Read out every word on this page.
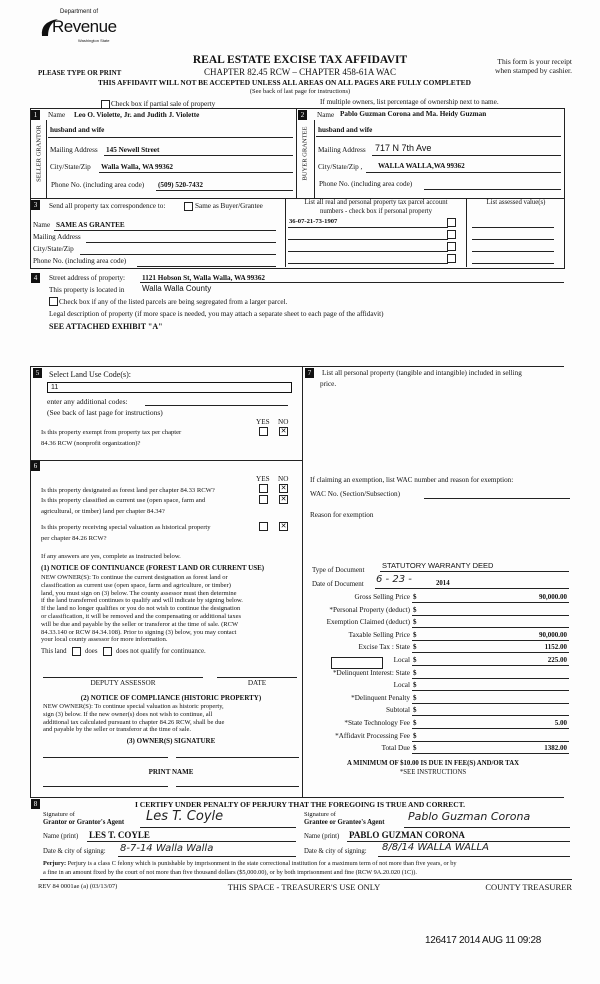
Department of
Revenue
Washington State
PLEASE TYPE OR PRINT
REAL ESTATE EXCISE TAX AFFIDAVIT
CHAPTER 82.45 RCW – CHAPTER 458-61A WAC
This form is your receipt
when stamped by cashier.
THIS AFFIDAVIT WILL NOT BE ACCEPTED UNLESS ALL AREAS ON ALL PAGES ARE FULLY COMPLETED
(See back of last page for instructions)
Check box if partial sale of property	If multiple owners, list percentage of ownership next to name.
1
SELLER GRANTOR
Name Leo O. Violette, Jr. and Judith J. Violette
husband and wife
Mailing Address 145 Newell Street
City/State/Zip Walla Walla, WA 99362
Phone No. (including area code) (509) 520-7432
2
BUYER GRANTEE
Name Pablo Guzman Corona and Ma. Heidy Guzman
husband and wife
Mailing Address 717 N 7th Ave
City/State/Zip , WALLA WALLA,WA 99362
Phone No. (including area code)
3	Send all property tax correspondence to:	Same as Buyer/Grantee
Name SAME AS GRANTEE
Mailing Address
City/State/Zip
Phone No. (including area code)
List all real and personal property tax parcel account
numbers - check box if personal property
List assessed value(s)
36-07-21-73-1907
4	Street address of property: 1121 Hobson St, Walla Walla, WA 99362
This property is located in Walla Walla County
Check box if any of the listed parcels are being segregated from a larger parcel.
Legal description of property (if more space is needed, you may attach a separate sheet to each page of the affidavit)
SEE ATTACHED EXHIBIT "A"
5	Select Land Use Code(s):
11
enter any additional codes:
(See back of last page for instructions)
YES NO
Is this property exempt from property tax per chapter
84.36 RCW (nonprofit organization)?
✕
6
YES NO
Is this property designated as forest land per chapter 84.33 RCW?	✕
Is this property classified as current use (open space, farm and
agricultural, or timber) land per chapter 84.34?
✕
Is this property receiving special valuation as historical property
per chapter 84.26 RCW?
✕
If any answers are yes, complete as instructed below.
(1) NOTICE OF CONTINUANCE (FOREST LAND OR CURRENT USE)
NEW OWNER(S): To continue the current designation as forest land or
classification as current use (open space, farm and agriculture, or timber)
land, you must sign on (3) below. The county assessor must then determine
if the land transferred continues to qualify and will indicate by signing below.
If the land no longer qualifies or you do not wish to continue the designation
or classification, it will be removed and the compensating or additional taxes
will be due and payable by the seller or transferor at the time of sale. (RCW
84.33.140 or RCW 84.34.108). Prior to signing (3) below, you may contact
your local county assessor for more information.
This land	does	does not qualify for continuance.
DEPUTY ASSESSOR	DATE
(2) NOTICE OF COMPLIANCE (HISTORIC PROPERTY)
NEW OWNER(S): To continue special valuation as historic property,
sign (3) below. If the new owner(s) does not wish to continue, all
additional tax calculated pursuant to chapter 84.26 RCW, shall be due
and payable by the seller or transferor at the time of sale.
(3) OWNER(S) SIGNATURE
PRINT NAME
7	List all personal property (tangible and intangible) included in selling
price.
If claiming an exemption, list WAC number and reason for exemption:
WAC No. (Section/Subsection)
Reason for exemption
Type of Document STATUTORY WARRANTY DEED
Date of Document 6 - 23 -	2014
Gross Selling Price $	90,000.00
*Personal Property (deduct) $
Exemption Claimed (deduct) $
Taxable Selling Price $	90,000.00
Excise Tax : State $	1152.00
Local $	225.00
*Delinquent Interest: State $
Local $
*Delinquent Penalty $
Subtotal $
*State Technology Fee $	5.00
*Affidavit Processing Fee $
Total Due $	1382.00
A MINIMUM OF $10.00 IS DUE IN FEE(S) AND/OR TAX
*SEE INSTRUCTIONS
8	I CERTIFY UNDER PENALTY OF PERJURY THAT THE FOREGOING IS TRUE AND CORRECT.
Signature of
Grantor or Grantor's Agent Les T. Coyle	Signature of
Grantee or Grantee's Agent Pablo Guzman Corona
Name (print) LES T. COYLE	Name (print) PABLO GUZMAN CORONA
Date & city of signing: 8-7-14 Walla Walla	Date & city of signing: 8/8/14 WALLA WALLA
Perjury: Perjury is a class C felony which is punishable by imprisonment in the state correctional institution for a maximum term of not more than five years, or by
a fine in an amount fixed by the court of not more than five thousand dollars ($5,000.00), or by both imprisonment and fine (RCW 9A.20.020 (1C)).
REV 84 0001ae (a) (03/13/07)	THIS SPACE - TREASURER'S USE ONLY	COUNTY TREASURER
126417 2014 AUG 11 09:28
